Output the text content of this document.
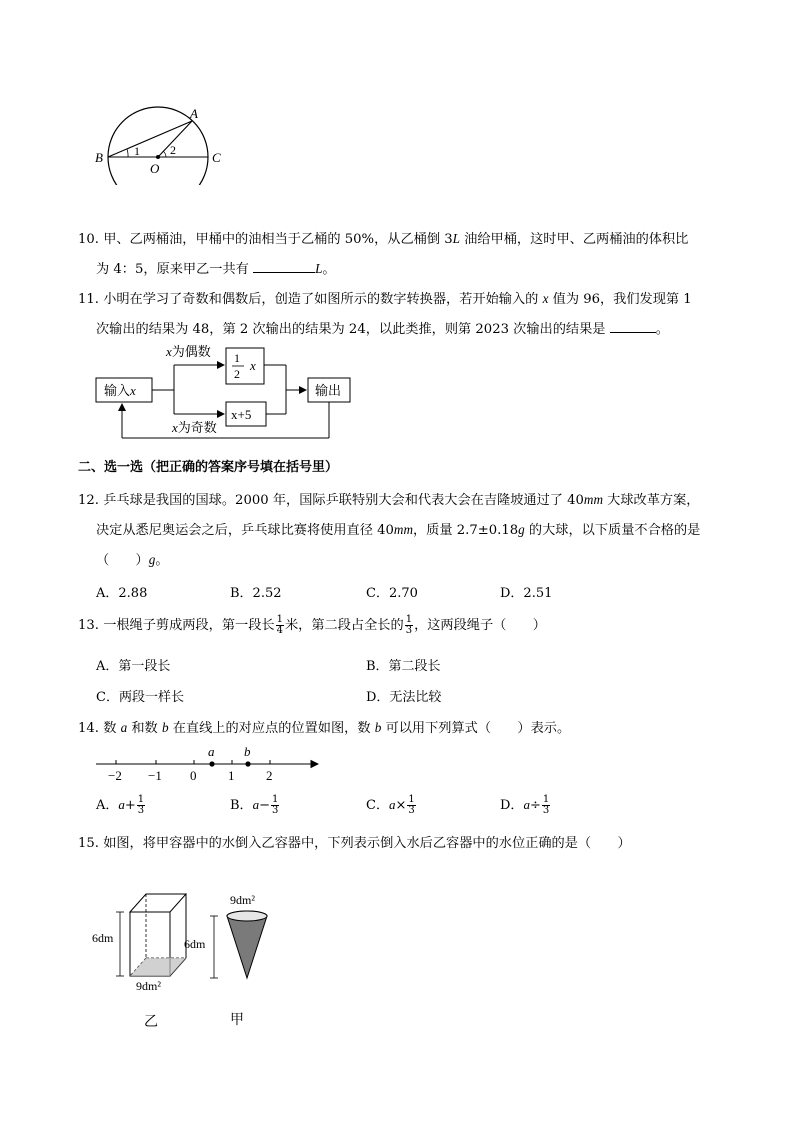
A
B	C
O
1	2
10. 甲、乙两桶油，甲桶中的油相当于乙桶的 50%，从乙桶倒 3L 油给甲桶，这时甲、乙两桶油的体积比
为 4：5，原来甲乙一共有	L。
11. 小明在学习了奇数和偶数后，创造了如图所示的数字转换器，若开始输入的 x 值为 96，我们发现第 1
次输出的结果为 48，第 2 次输出的结果为 24，以此类推，则第 2023 次输出的结果是	。
输入x
x为偶数
x为奇数
1
2
x
x+5
输出
二、选一选（把正确的答案序号填在括号里）
12. 乒乓球是我国的国球。2000 年，国际乒联特别大会和代表大会在吉隆坡通过了 40mm 大球改革方案，
决定从悉尼奥运会之后，乒乓球比赛将使用直径 40mm，质量 2.7±0.18g 的大球，以下质量不合格的是
（　　）g。
A．2.88	B．2.52	C．2.70	D．2.51
13. 一根绳子剪成两段，第一段长 $\frac{1}{4}$ 米，第二段占全长的 $\frac{1}{3}$ ，这两段绳子（　　）
A．第一段长	B．第二段长
C．两段一样长	D．无法比较
14. 数 a 和数 b 在直线上的对应点的位置如图，数 b 可以用下列算式（　　）表示。
a b
−2 −1 0 1 2
A．$a+ \frac{1}{3}$	B．$a- \frac{1}{3}$	C．$a\times \frac{1}{3}$	D．$a\div \frac{1}{3}$
15. 如图，将甲容器中的水倒入乙容器中，下列表示倒入水后乙容器中的水位正确的是（　　）
6dm
9dm²
6dm
9dm²
乙	甲
